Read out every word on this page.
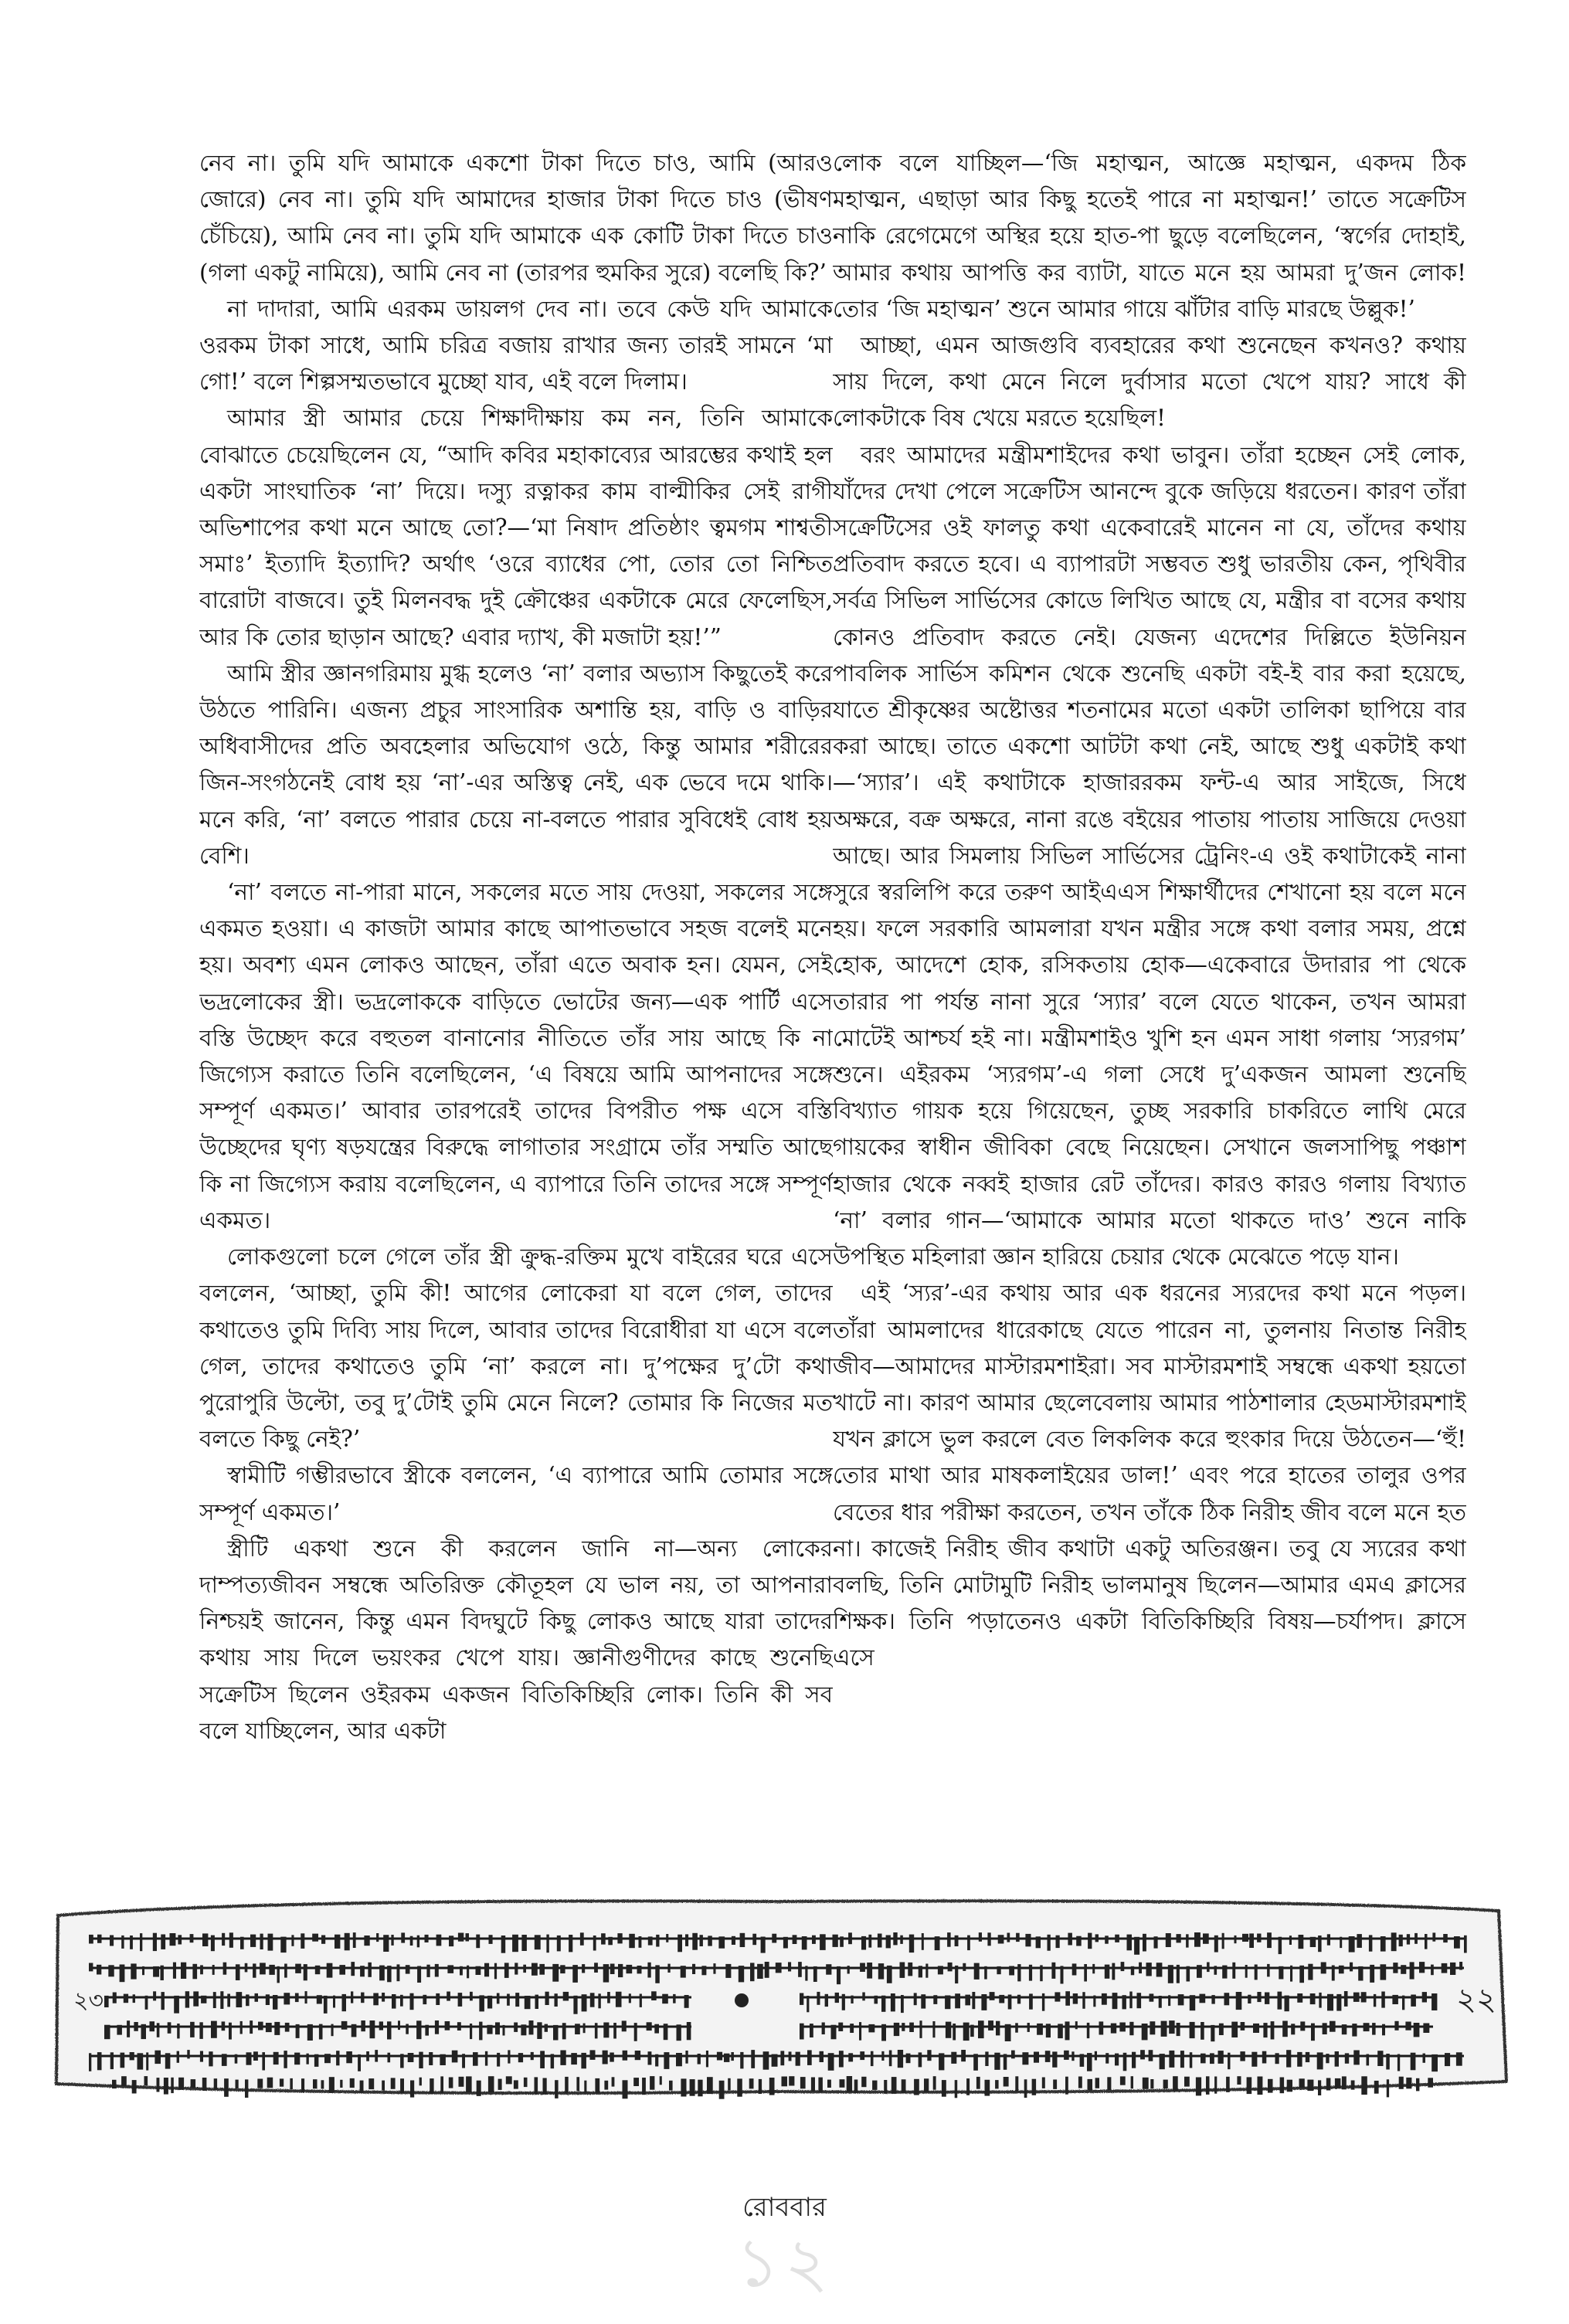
নেব না। তুমি যদি আমাকে একশো টাকা দিতে চাও, আমি (আরও জোরে) নেব না। তুমি যদি আমাদের হাজার টাকা দিতে চাও (ভীষণ চেঁচিয়ে), আমি নেব না। তুমি যদি আমাকে এক কোটি টাকা দিতে চাও (গলা একটু নামিয়ে), আমি নেব না (তারপর হুমকির সুরে) বলেছি কি?’

না দাদারা, আমি এরকম ডায়লগ দেব না। তবে কেউ যদি আমাকে ওরকম টাকা সাধে, আমি চরিত্র বজায় রাখার জন্য তারই সামনে ‘মা গো!’ বলে শিল্পসম্মতভাবে মুচ্ছো যাব, এই বলে দিলাম।

আমার স্ত্রী আমার চেয়ে শিক্ষাদীক্ষায় কম নন, তিনি আমাকে বোঝাতে চেয়েছিলেন যে, “আদি কবির মহাকাব্যের আরম্ভের কথাই হল একটা সাংঘাতিক ‘না’ দিয়ে। দস্যু রত্নাকর কাম বাল্মীকির সেই রাগী অভিশাপের কথা মনে আছে তো?—‘মা নিষাদ প্রতিষ্ঠাং ত্বমগম শাশ্বতী সমাঃ’ ইত্যাদি ইত্যাদি? অর্থাৎ ‘ওরে ব্যাধের পো, তোর তো নিশ্চিত বারোটা বাজবে। তুই মিলনবদ্ধ দুই ক্রৌঞ্চের একটাকে মেরে ফেলেছিস, আর কি তোর ছাড়ান আছে? এবার দ্যাখ, কী মজাটা হয়!’”

আমি স্ত্রীর জ্ঞানগরিমায় মুগ্ধ হলেও ‘না’ বলার অভ্যাস কিছুতেই করে উঠতে পারিনি। এজন্য প্রচুর সাংসারিক অশান্তি হয়, বাড়ি ও বাড়ির অধিবাসীদের প্রতি অবহেলার অভিযোগ ওঠে, কিন্তু আমার শরীরের জিন-সংগঠনেই বোধ হয় ‘না’-এর অস্তিত্ব নেই, এক ভেবে দমে থাকি। মনে করি, ‘না’ বলতে পারার চেয়ে না-বলতে পারার সুবিধেই বোধ হয় বেশি।

‘না’ বলতে না-পারা মানে, সকলের মতে সায় দেওয়া, সকলের সঙ্গে একমত হওয়া। এ কাজটা আমার কাছে আপাতভাবে সহজ বলেই মনে হয়। অবশ্য এমন লোকও আছেন, তাঁরা এতে অবাক হন। যেমন, সেই ভদ্রলোকের স্ত্রী। ভদ্রলোককে বাড়িতে ভোটের জন্য—এক পার্টি এসে বস্তি উচ্ছেদ করে বহুতল বানানোর নীতিতে তাঁর সায় আছে কি না জিগ্যেস করাতে তিনি বলেছিলেন, ‘এ বিষয়ে আমি আপনাদের সঙ্গে সম্পূর্ণ একমত।’ আবার তারপরেই তাদের বিপরীত পক্ষ এসে বস্তি উচ্ছেদের ঘৃণ্য ষড়যন্ত্রের বিরুদ্ধে লাগাতার সংগ্রামে তাঁর সম্মতি আছে কি না জিগ্যেস করায় বলেছিলেন, এ ব্যাপারে তিনি তাদের সঙ্গে সম্পূর্ণ একমত।

লোকগুলো চলে গেলে তাঁর স্ত্রী ক্রুদ্ধ-রক্তিম মুখে বাইরের ঘরে এসে বললেন, ‘আচ্ছা, তুমি কী! আগের লোকেরা যা বলে গেল, তাদের কথাতেও তুমি দিব্যি সায় দিলে, আবার তাদের বিরোধীরা যা এসে বলে গেল, তাদের কথাতেও তুমি ‘না’ করলে না। দু’পক্ষের দু’টো কথা পুরোপুরি উল্টো, তবু দু’টোই তুমি মেনে নিলে? তোমার কি নিজের মত বলতে কিছু নেই?’

স্বামীটি গম্ভীরভাবে স্ত্রীকে বললেন, ‘এ ব্যাপারে আমি তোমার সঙ্গে সম্পূর্ণ একমত।’

স্ত্রীটি একথা শুনে কী করলেন জানি না—অন্য লোকের দাম্পত্যজীবন সম্বন্ধে অতিরিক্ত কৌতূহল যে ভাল নয়, তা আপনারা নিশ্চয়ই জানেন, কিন্তু এমন বিদঘুটে কিছু লোকও আছে যারা তাদের কথায় সায় দিলে ভয়ংকর খেপে যায়। জ্ঞানীগুণীদের কাছে শুনেছি সক্রেটিস ছিলেন ওইরকম একজন বিতিকিচ্ছিরি লোক। তিনি কী সব বলে যাচ্ছিলেন, আর একটা

লোক বলে যাচ্ছিল—‘জি মহাত্মন, আজ্ঞে মহাত্মন, একদম ঠিক মহাত্মন, এছাড়া আর কিছু হতেই পারে না মহাত্মন!’ তাতে সক্রেটিস নাকি রেগেমেগে অস্থির হয়ে হাত-পা ছুড়ে বলেছিলেন, ‘স্বর্গের দোহাই, আমার কথায় আপত্তি কর ব্যাটা, যাতে মনে হয় আমরা দু’জন লোক! তোর ‘জি মহাত্মন’ শুনে আমার গায়ে ঝাঁটার বাড়ি মারছে উল্লুক!’

আচ্ছা, এমন আজগুবি ব্যবহারের কথা শুনেছেন কখনও? কথায় সায় দিলে, কথা মেনে নিলে দুর্বাসার মতো খেপে যায়? সাধে কী লোকটাকে বিষ খেয়ে মরতে হয়েছিল!

বরং আমাদের মন্ত্রীমশাইদের কথা ভাবুন। তাঁরা হচ্ছেন সেই লোক, যাঁদের দেখা পেলে সক্রেটিস আনন্দে বুকে জড়িয়ে ধরতেন। কারণ তাঁরা সক্রেটিসের ওই ফালতু কথা একেবারেই মানেন না যে, তাঁদের কথায় প্রতিবাদ করতে হবে। এ ব্যাপারটা সম্ভবত শুধু ভারতীয় কেন, পৃথিবীর সর্বত্র সিভিল সার্ভিসের কোডে লিখিত আছে যে, মন্ত্রীর বা বসের কথায় কোনও প্রতিবাদ করতে নেই। যেজন্য এদেশের দিল্লিতে ইউনিয়ন পাবলিক সার্ভিস কমিশন থেকে শুনেছি একটা বই-ই বার করা হয়েছে, যাতে শ্রীকৃষ্ণের অষ্টোত্তর শতনামের মতো একটা তালিকা ছাপিয়ে বার করা আছে। তাতে একশো আটটা কথা নেই, আছে শুধু একটাই কথা—‘স্যার’। এই কথাটাকে হাজাররকম ফন্ট-এ আর সাইজে, সিধে অক্ষরে, বক্র অক্ষরে, নানা রঙে বইয়ের পাতায় পাতায় সাজিয়ে দেওয়া আছে। আর সিমলায় সিভিল সার্ভিসের ট্রেনিং-এ ওই কথাটাকেই নানা সুরে স্বরলিপি করে তরুণ আইএএস শিক্ষার্থীদের শেখানো হয় বলে মনে হয়। ফলে সরকারি আমলারা যখন মন্ত্রীর সঙ্গে কথা বলার সময়, প্রশ্নে হোক, আদেশে হোক, রসিকতায় হোক—একেবারে উদারার পা থেকে তারার পা পর্যন্ত নানা সুরে ‘স্যার’ বলে যেতে থাকেন, তখন আমরা মোটেই আশ্চর্য হই না। মন্ত্রীমশাইও খুশি হন এমন সাধা গলায় ‘স্যরগম’ শুনে। এইরকম ‘স্যরগম’-এ গলা সেধে দু’একজন আমলা শুনেছি বিখ্যাত গায়ক হয়ে গিয়েছেন, তুচ্ছ সরকারি চাকরিতে লাথি মেরে গায়কের স্বাধীন জীবিকা বেছে নিয়েছেন। সেখানে জলসাপিছু পঞ্চাশ হাজার থেকে নব্বই হাজার রেট তাঁদের। কারও কারও গলায় বিখ্যাত ‘না’ বলার গান—‘আমাকে আমার মতো থাকতে দাও’ শুনে নাকি উপস্থিত মহিলারা জ্ঞান হারিয়ে চেয়ার থেকে মেঝেতে পড়ে যান।

এই ‘স্যর’-এর কথায় আর এক ধরনের স্যরদের কথা মনে পড়ল। তাঁরা আমলাদের ধারেকাছে যেতে পারেন না, তুলনায় নিতান্ত নিরীহ জীব—আমাদের মাস্টারমশাইরা। সব মাস্টারমশাই সম্বন্ধে একথা হয়তো খাটে না। কারণ আমার ছেলেবেলায় আমার পাঠশালার হেডমাস্টারমশাই যখন ক্লাসে ভুল করলে বেত লিকলিক করে হুংকার দিয়ে উঠতেন—‘হুঁ! তোর মাথা আর মাষকলাইয়ের ডাল!’ এবং পরে হাতের তালুর ওপর বেতের ধার পরীক্ষা করতেন, তখন তাঁকে ঠিক নিরীহ জীব বলে মনে হত না। কাজেই নিরীহ জীব কথাটা একটু অতিরঞ্জন। তবু যে স্যরের কথা বলছি, তিনি মোটামুটি নিরীহ ভালমানুষ ছিলেন—আমার এমএ ক্লাসের শিক্ষক। তিনি পড়াতেনও একটা বিতিকিচ্ছিরি বিষয়—চর্যাপদ। ক্লাসে এসে

২৩	২২
রোববার
১২
